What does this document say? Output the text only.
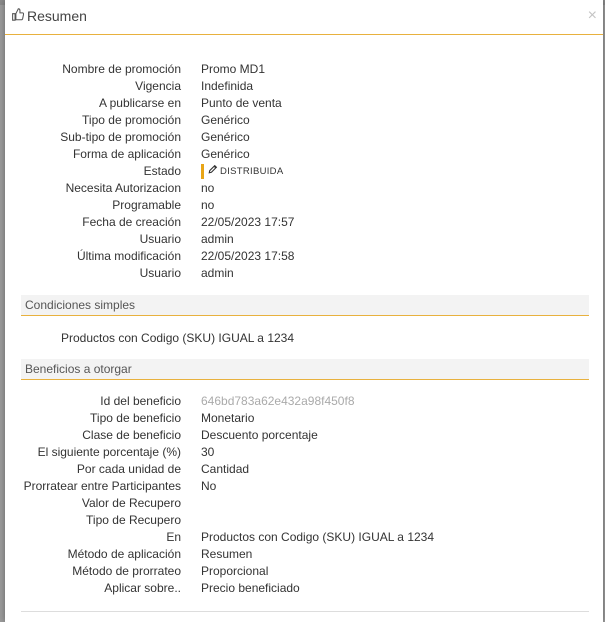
Resumen	×
Nombre de promoción Promo MD1
Vigencia Indefinida
A publicarse en Punto de venta
Tipo de promoción Genérico
Sub-tipo de promoción Genérico
Forma de aplicación Genérico
Estado	DISTRIBUIDA
Necesita Autorizacion no
Programable no
Fecha de creación 22/05/2023 17:57
Usuario admin
Última modificación 22/05/2023 17:58
Usuario admin
Condiciones simples
Productos con Codigo (SKU) IGUAL a 1234
Beneficios a otorgar
Id del beneficio 646bd783a62e432a98f450f8
Tipo de beneficio Monetario
Clase de beneficio Descuento porcentaje
El siguiente porcentaje (%) 30
Por cada unidad de Cantidad
Prorratear entre Participantes No
Valor de Recupero
Tipo de Recupero
En Productos con Codigo (SKU) IGUAL a 1234
Método de aplicación Resumen
Método de prorrateo Proporcional
Aplicar sobre.. Precio beneficiado
